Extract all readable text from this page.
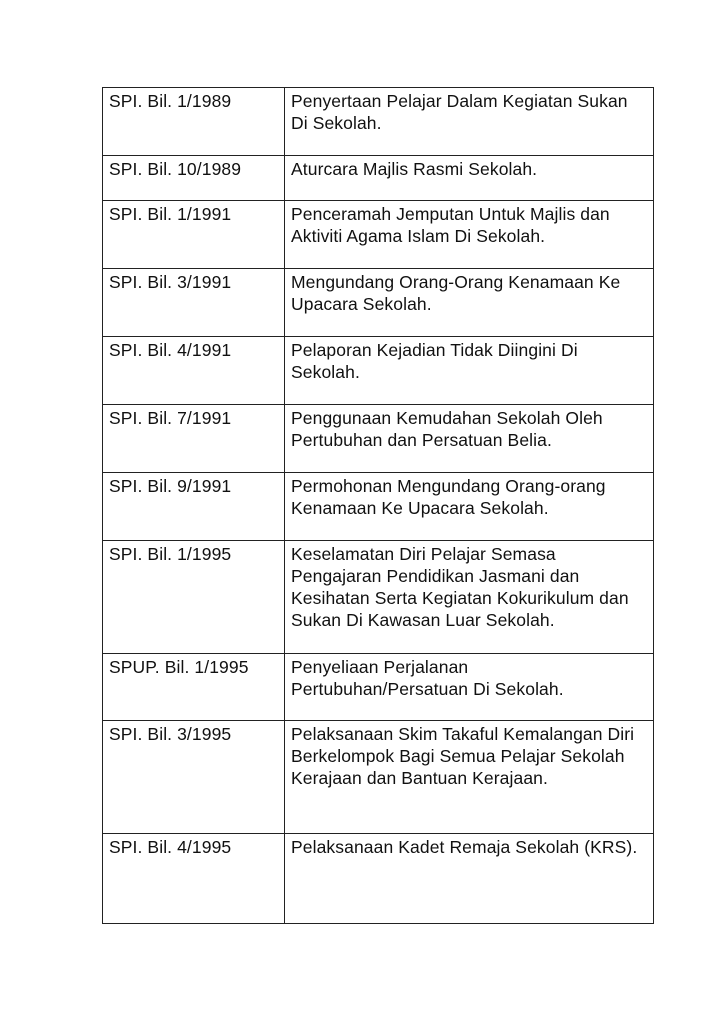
SPI. Bil. 1/1989	Penyertaan Pelajar Dalam Kegiatan Sukan Di Sekolah.
SPI. Bil. 10/1989	Aturcara Majlis Rasmi Sekolah.
SPI. Bil. 1/1991	Penceramah Jemputan Untuk Majlis dan Aktiviti Agama Islam Di Sekolah.
SPI. Bil. 3/1991	Mengundang Orang-Orang Kenamaan Ke Upacara Sekolah.
SPI. Bil. 4/1991	Pelaporan Kejadian Tidak Diingini Di Sekolah.
SPI. Bil. 7/1991	Penggunaan Kemudahan Sekolah Oleh Pertubuhan dan Persatuan Belia.
SPI. Bil. 9/1991	Permohonan Mengundang Orang-orang Kenamaan Ke Upacara Sekolah.
SPI. Bil. 1/1995	Keselamatan Diri Pelajar Semasa Pengajaran Pendidikan Jasmani dan Kesihatan Serta Kegiatan Kokurikulum dan Sukan Di Kawasan Luar Sekolah.
SPUP. Bil. 1/1995	Penyeliaan Perjalanan Pertubuhan/Persatuan Di Sekolah.
SPI. Bil. 3/1995	Pelaksanaan Skim Takaful Kemalangan Diri Berkelompok Bagi Semua Pelajar Sekolah Kerajaan dan Bantuan Kerajaan.
SPI. Bil. 4/1995	Pelaksanaan Kadet Remaja Sekolah (KRS).
